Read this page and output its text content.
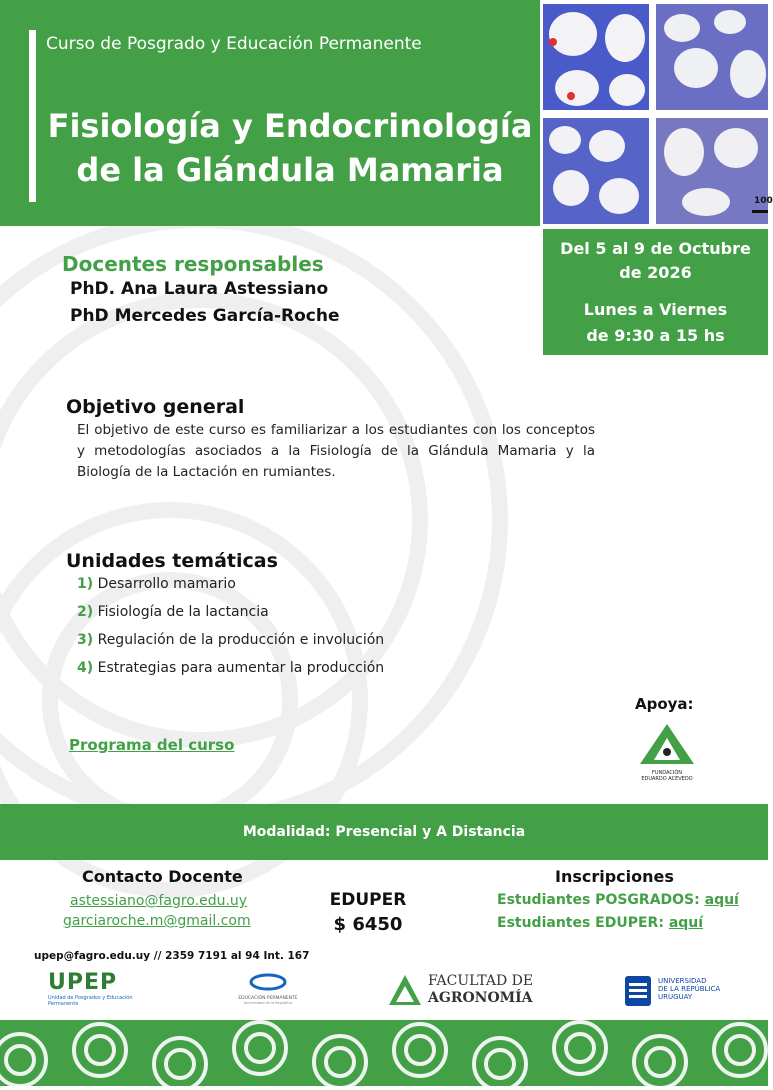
Curso de Posgrado y Educación Permanente
Fisiología y Endocrinología
de la Glándula Mamaria
100
Del 5 al 9 de Octubre
de 2026
Lunes a Viernes
de 9:30 a 15 hs
Docentes responsables
PhD. Ana Laura Astessiano
PhD Mercedes García-Roche
Objetivo general
El objetivo de este curso es familiarizar a los estudiantes con los conceptos y metodologías asociados a la Fisiología de la Glándula Mamaria y la Biología de la Lactación en rumiantes.
Unidades temáticas
1) Desarrollo mamario
2) Fisiología de la lactancia
3) Regulación de la producción e involución
4) Estrategias para aumentar la producción
Programa del curso
Apoya:
FUNDACIÓN
EDUARDO ACEVEDO
Modalidad: Presencial y A Distancia
Contacto Docente
astessiano@fagro.edu.uy
garciaroche.m@gmail.com
EDUPER
$ 6450
Inscripciones
Estudiantes POSGRADOS: aquí
Estudiantes EDUPER: aquí
upep@fagro.edu.uy // 2359 7191 al 94 Int. 167
UPEP
Unidad de Posgrados y Educación Permanente
EDUCACIÓN PERMANENTE
Universidad de la República
FACULTAD DE
AGRONOMÍA
UNIVERSIDAD
DE LA REPÚBLICA
URUGUAY
